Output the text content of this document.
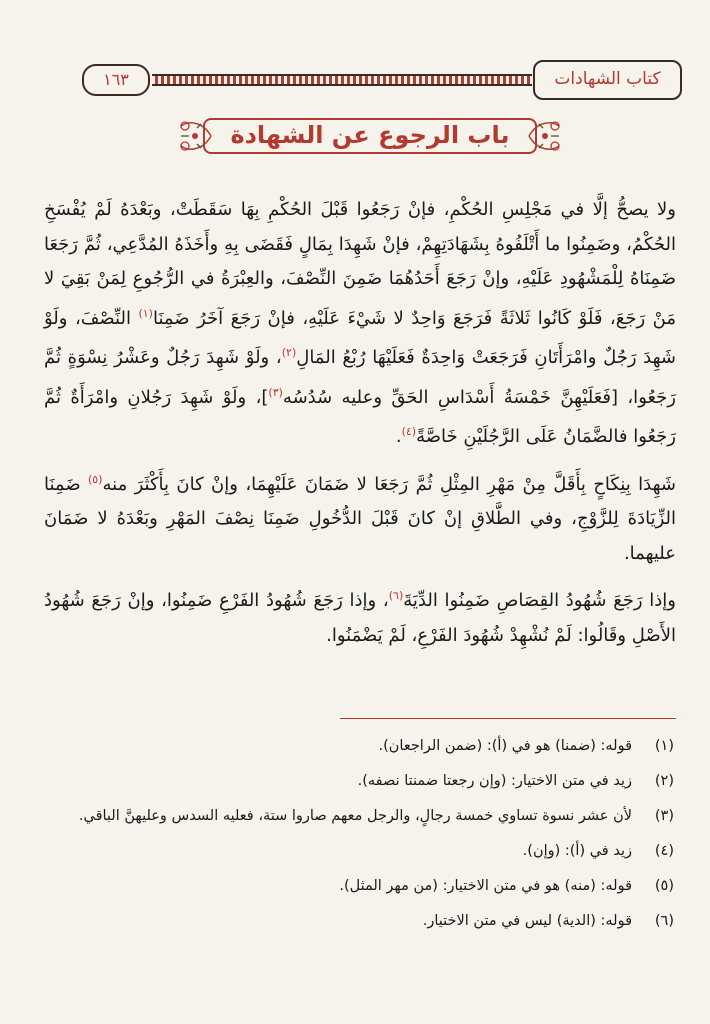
١٦٣	كتاب الشهادات
باب الرجوع عن الشهادة

ولا يصحُّ إلَّا في مَجْلِسِ الحُكْمِ، فإنْ رَجَعُوا قَبْلَ الحُكْمِ بِهَا سَقَطَتْ، وبَعْدَهُ لَمْ يُفْسَخِ الحُكْمُ، وضَمِنُوا ما أَتْلَفُوهُ بِشَهَادَتِهِمْ، فإنْ شَهِدَا بِمَالٍ فَقَضَى بِهِ وأَخَذَهُ المُدَّعِي، ثُمَّ رَجَعَا ضَمِنَاهُ لِلْمَشْهُودِ عَلَيْهِ، وإنْ رَجَعَ أَحَدُهُمَا ضَمِنَ النِّصْفَ، والعِبْرَةُ في الرُّجُوعِ لِمَنْ بَقِيَ لا مَنْ رَجَعَ، فَلَوْ كَانُوا ثَلاثَةً فَرَجَعَ وَاحِدٌ لا شَيْءَ عَلَيْهِ، فإنْ رَجَعَ آخَرُ ضَمِنَا$^{(١)}$ النِّصْفَ، ولَوْ شَهِدَ رَجُلٌ وامْرَأَتَانِ فَرَجَعَتْ وَاحِدَةٌ فَعَلَيْهَا رُبْعُ المَالِ$^{(٢)}$، ولَوْ شَهِدَ رَجُلٌ وعَشْرُ نِسْوَةٍ ثُمَّ رَجَعُوا، [فَعَلَيْهِنَّ خَمْسَةُ أَسْدَاسِ الحَقِّ وعليه سُدُسُه$^{(٣)}$]، ولَوْ شَهِدَ رَجُلانِ وامْرَأَةٌ ثُمَّ رَجَعُوا فالضَّمَانُ عَلَى الرَّجُلَيْنِ خَاصَّةً$^{(٤)}$.

شَهِدَا بِنِكَاحٍ بِأَقَلَّ مِنْ مَهْرِ المِثْلِ ثُمَّ رَجَعَا لا ضَمَانَ عَلَيْهِمَا، وإنْ كانَ بِأَكْثَرَ منه$^{(٥)}$ ضَمِنَا الزِّيَادَةَ لِلزَّوْجِ، وفي الطَّلاقِ إنْ كانَ قَبْلَ الدُّخُولِ ضَمِنَا نِصْفَ المَهْرِ وبَعْدَهُ لا ضَمَانَ عليهما.

وإذا رَجَعَ شُهُودُ القِصَاصِ ضَمِنُوا الدِّيَةَ$^{(٦)}$، وإذا رَجَعَ شُهُودُ الفَرْعِ ضَمِنُوا، وإنْ رَجَعَ شُهُودُ الأَصْلِ وقَالُوا: لَمْ نُشْهِدْ شُهُودَ الفَرْعِ، لَمْ يَضْمَنُوا.

(١)
قوله: (ضمنا) هو في (أ): (ضمن الراجعان).
(٢)
زيد في متن الاختيار: (وإن رجعتا ضمنتا نصفه).
(٣)
لأن عشر نسوة تساوي خمسة رجالٍ، والرجل معهم صاروا ستة، فعليه السدس وعليهنَّ الباقي.
(٤)
زيد في (أ): (وإن).
(٥)
قوله: (منه) هو في متن الاختيار: (من مهر المثل).
(٦)
قوله: (الدية) ليس في متن الاختيار.
